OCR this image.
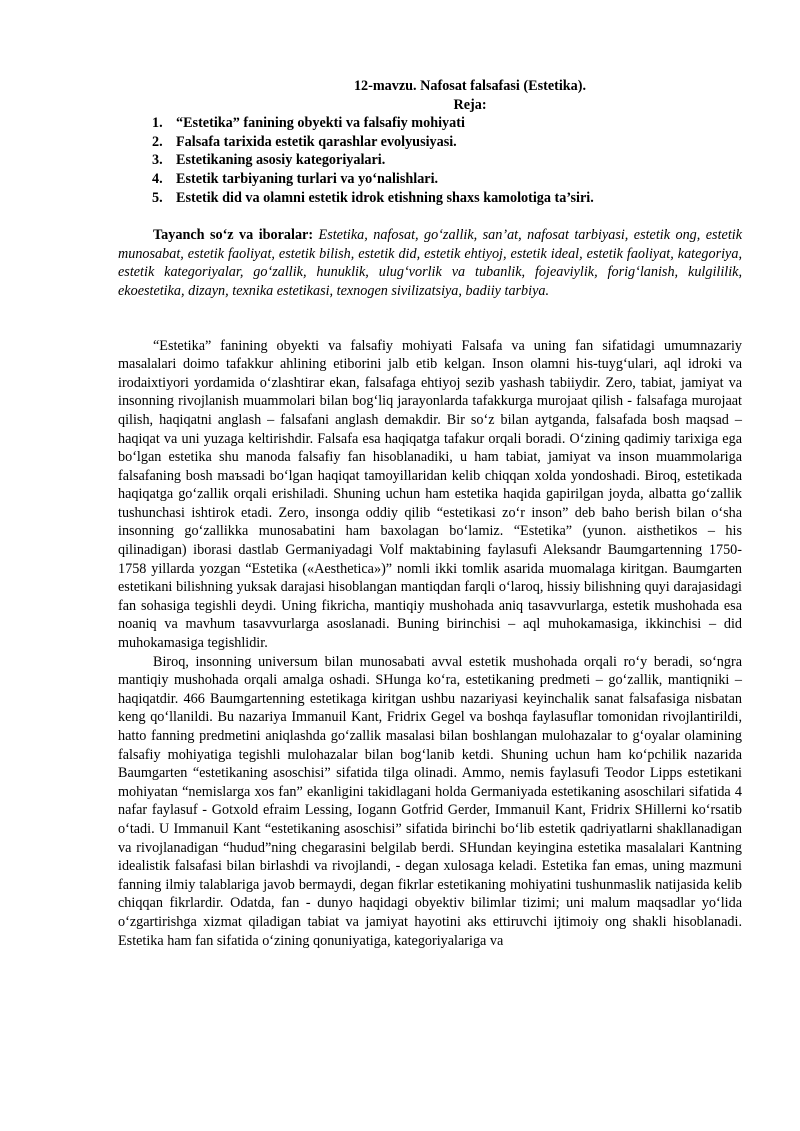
12-mavzu. Nafosat falsafasi (Estetika).
Reja:
1. “Estetika” fanining obyekti va falsafiy mohiyati
2. Falsafa tarixida estetik qarashlar evolyusiyasi.
3. Estetikaning asosiy kategoriyalari.
4. Estetik tarbiyaning turlari va yo‘nalishlari.
5. Estetik did va olamni estetik idrok etishning shaxs kamolotiga ta’siri.

Tayanch so‘z va iboralar: Estetika, nafosat, go‘zallik, san’at, nafosat tarbiyasi, estetik ong, estetik munosabat, estetik faoliyat, estetik bilish, estetik did, estetik ehtiyoj, estetik ideal, estetik faoliyat, kategoriya, estetik kategoriyalar, go‘zallik, hunuklik, ulug‘vorlik va tubanlik, fojeaviylik, forig‘lanish, kulgililik, ekoestetika, dizayn, texnika estetikasi, texnogen sivilizatsiya, badiiy tarbiya.

“Estetika” fanining obyekti va falsafiy mohiyati Falsafa va uning fan sifatidagi umumnazariy masalalari doimo tafakkur ahlining etiborini jalb etib kelgan. Inson olamni his-tuyg‘ulari, aql idroki va irodaixtiyori yordamida o‘zlashtirar ekan, falsafaga ehtiyoj sezib yashash tabiiydir. Zero, tabiat, jamiyat va insonning rivojlanish muammolari bilan bog‘liq jarayonlarda tafakkurga murojaat qilish - falsafaga murojaat qilish, haqiqatni anglash – falsafani anglash demakdir. Bir so‘z bilan aytganda, falsafada bosh maqsad – haqiqat va uni yuzaga keltirishdir. Falsafa esa haqiqatga tafakur orqali boradi. O‘zining qadimiy tarixiga ega bo‘lgan estetika shu manoda falsafiy fan hisoblanadiki, u ham tabiat, jamiyat va inson muammolariga falsafaning bosh maъsadi bo‘lgan haqiqat tamoyillaridan kelib chiqqan xolda yondoshadi. Biroq, estetikada haqiqatga go‘zallik orqali erishiladi. Shuning uchun ham estetika haqida gapirilgan joyda, albatta go‘zallik tushunchasi ishtirok etadi. Zero, insonga oddiy qilib “estetikasi zo‘r inson” deb baho berish bilan o‘sha insonning go‘zallikka munosabatini ham baxolagan bo‘lamiz. “Estetika” (yunon. aisthetikos – his qilinadigan) iborasi dastlab Germaniyadagi Volf maktabining faylasufi Aleksandr Baumgartenning 1750-1758 yillarda yozgan “Estetika («Aesthetica»)” nomli ikki tomlik asarida muomalaga kiritgan. Baumgarten estetikani bilishning yuksak darajasi hisoblangan mantiqdan farqli o‘laroq, hissiy bilishning quyi darajasidagi fan sohasiga tegishli deydi. Uning fikricha, mantiqiy mushohada aniq tasavvurlarga, estetik mushohada esa noaniq va mavhum tasavvurlarga asoslanadi. Buning birinchisi – aql muhokamasiga, ikkinchisi – did muhokamasiga tegishlidir.

Biroq, insonning universum bilan munosabati avval estetik mushohada orqali ro‘y beradi, so‘ngra mantiqiy mushohada orqali amalga oshadi. SHunga ko‘ra, estetikaning predmeti – go‘zallik, mantiqniki – haqiqatdir. 466 Baumgartenning estetikaga kiritgan ushbu nazariyasi keyinchalik sanat falsafasiga nisbatan keng qo‘llanildi. Bu nazariya Immanuil Kant, Fridrix Gegel va boshqa faylasuflar tomonidan rivojlantirildi, hatto fanning predmetini aniqlashda go‘zallik masalasi bilan boshlangan mulohazalar to g‘oyalar olamining falsafiy mohiyatiga tegishli mulohazalar bilan bog‘lanib ketdi. Shuning uchun ham ko‘pchilik nazarida Baumgarten “estetikaning asoschisi” sifatida tilga olinadi. Ammo, nemis faylasufi Teodor Lipps estetikani mohiyatan “nemislarga xos fan” ekanligini takidlagani holda Germaniyada estetikaning asoschilari sifatida 4 nafar faylasuf - Gotxold efraim Lessing, Iogann Gotfrid Gerder, Immanuil Kant, Fridrix SHillerni ko‘rsatib o‘tadi. U Immanuil Kant “estetikaning asoschisi” sifatida birinchi bo‘lib estetik qadriyatlarni shakllanadigan va rivojlanadigan “hudud”ning chegarasini belgilab berdi. SHundan keyingina estetika masalalari Kantning idealistik falsafasi bilan birlashdi va rivojlandi, - degan xulosaga keladi. Estetika fan emas, uning mazmuni fanning ilmiy talablariga javob bermaydi, degan fikrlar estetikaning mohiyatini tushunmaslik natijasida kelib chiqqan fikrlardir. Odatda, fan - dunyo haqidagi obyektiv bilimlar tizimi; uni malum maqsadlar yo‘lida o‘zgartirishga xizmat qiladigan tabiat va jamiyat hayotini aks ettiruvchi ijtimoiy ong shakli hisoblanadi. Estetika ham fan sifatida o‘zining qonuniyatiga, kategoriyalariga va
